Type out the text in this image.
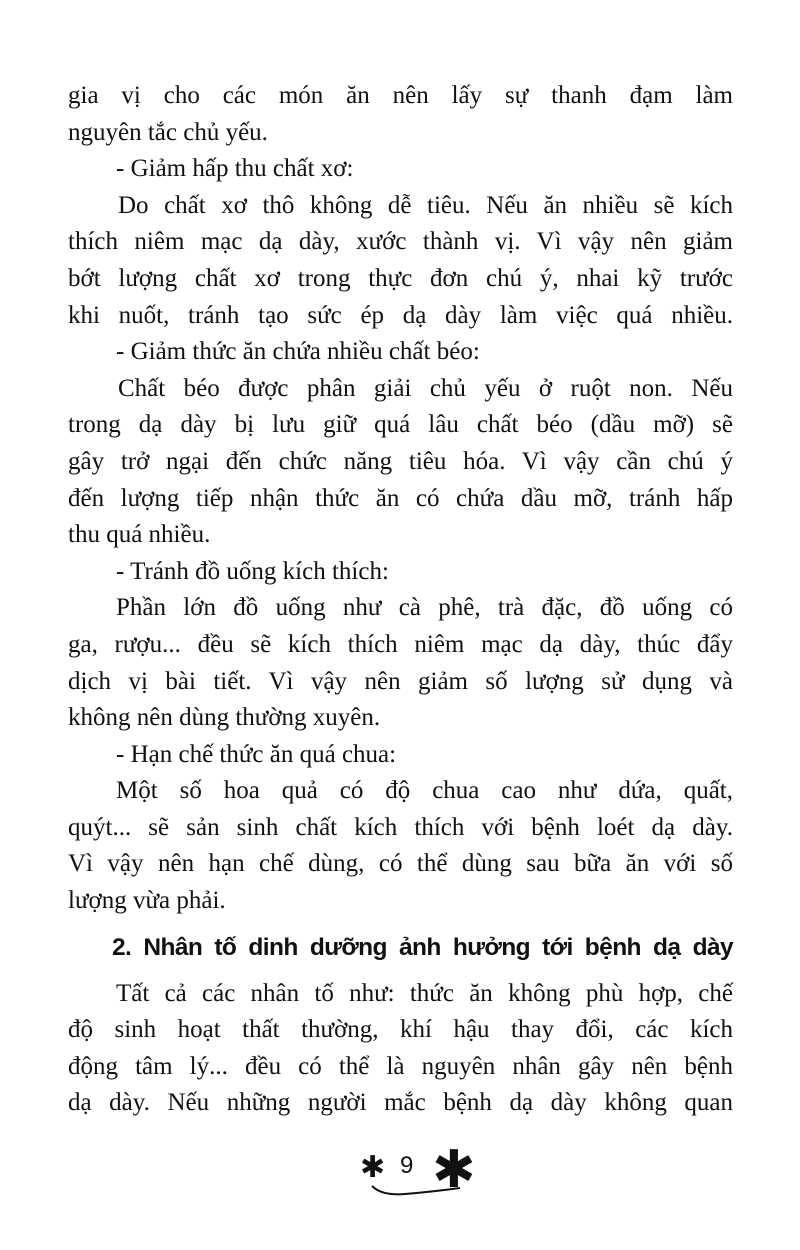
gia vị cho các món ăn nên lấy sự thanh đạm làm
nguyên tắc chủ yếu.
- Giảm hấp thu chất xơ:
Do chất xơ thô không dễ tiêu. Nếu ăn nhiều sẽ kích
thích niêm mạc dạ dày, xước thành vị. Vì vậy nên giảm
bớt lượng chất xơ trong thực đơn chú ý, nhai kỹ trước
khi nuốt, tránh tạo sức ép dạ dày làm việc quá nhiều.
- Giảm thức ăn chứa nhiều chất béo:
Chất béo được phân giải chủ yếu ở ruột non. Nếu
trong dạ dày bị lưu giữ quá lâu chất béo (dầu mỡ) sẽ
gây trở ngại đến chức năng tiêu hóa. Vì vậy cần chú ý
đến lượng tiếp nhận thức ăn có chứa dầu mỡ, tránh hấp
thu quá nhiều.
- Tránh đồ uống kích thích:
Phần lớn đồ uống như cà phê, trà đặc, đồ uống có
ga, rượu... đều sẽ kích thích niêm mạc dạ dày, thúc đẩy
dịch vị bài tiết. Vì vậy nên giảm số lượng sử dụng và
không nên dùng thường xuyên.
- Hạn chế thức ăn quá chua:
Một số hoa quả có độ chua cao như dứa, quất,
quýt... sẽ sản sinh chất kích thích với bệnh loét dạ dày.
Vì vậy nên hạn chế dùng, có thể dùng sau bữa ăn với số
lượng vừa phải.
2. Nhân tố dinh dưỡng ảnh hưởng tới bệnh dạ dày
Tất cả các nhân tố như: thức ăn không phù hợp, chế
độ sinh hoạt thất thường, khí hậu thay đổi, các kích
động tâm lý... đều có thể là nguyên nhân gây nên bệnh
dạ dày. Nếu những người mắc bệnh dạ dày không quan
✱ 9 ✱
